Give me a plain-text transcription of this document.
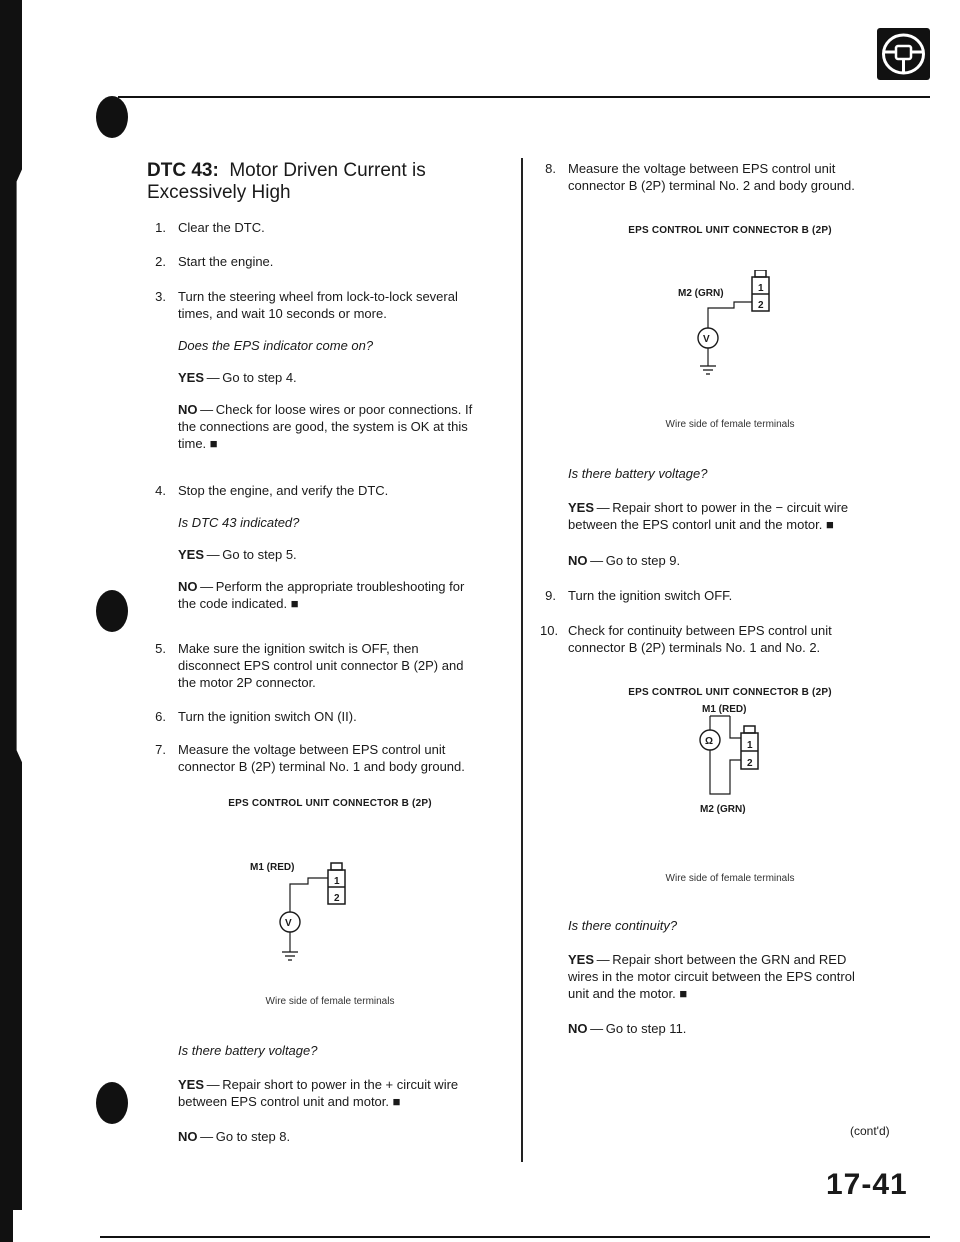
DTC 43: Motor Driven Current is Excessively High
1. Clear the DTC.
2. Start the engine.
3. Turn the steering wheel from lock-to-lock several
times, and wait 10 seconds or more.
Does the EPS indicator come on?
YES — Go to step 4.
NO — Check for loose wires or poor connections. If
the connections are good, the system is OK at this
time. ■
4. Stop the engine, and verify the DTC.
Is DTC 43 indicated?
YES — Go to step 5.
NO — Perform the appropriate troubleshooting for
the code indicated. ■
5. Make sure the ignition switch is OFF, then
disconnect EPS control unit connector B (2P) and
the motor 2P connector.
6. Turn the ignition switch ON (II).
7. Measure the voltage between EPS control unit
connector B (2P) terminal No. 1 and body ground.
EPS CONTROL UNIT CONNECTOR B (2P)
M1 (RED)
1
2
V
Wire side of female terminals
Is there battery voltage?
YES — Repair short to power in the + circuit wire
between EPS control unit and motor. ■
NO — Go to step 8.
8. Measure the voltage between EPS control unit
connector B (2P) terminal No. 2 and body ground.
EPS CONTROL UNIT CONNECTOR B (2P)
M2 (GRN)	1
2
V
Wire side of female terminals
Is there battery voltage?
YES — Repair short to power in the − circuit wire
between the EPS contorl unit and the motor. ■
NO — Go to step 9.
9. Turn the ignition switch OFF.
10. Check for continuity between EPS control unit
connector B (2P) terminals No. 1 and No. 2.
EPS CONTROL UNIT CONNECTOR B (2P)
M1 (RED)
1
2
Ω
M2 (GRN)
Wire side of female terminals
Is there continuity?
YES — Repair short between the GRN and RED
wires in the motor circuit between the EPS control
unit and the motor. ■
NO — Go to step 11.
(cont'd)
17-41
